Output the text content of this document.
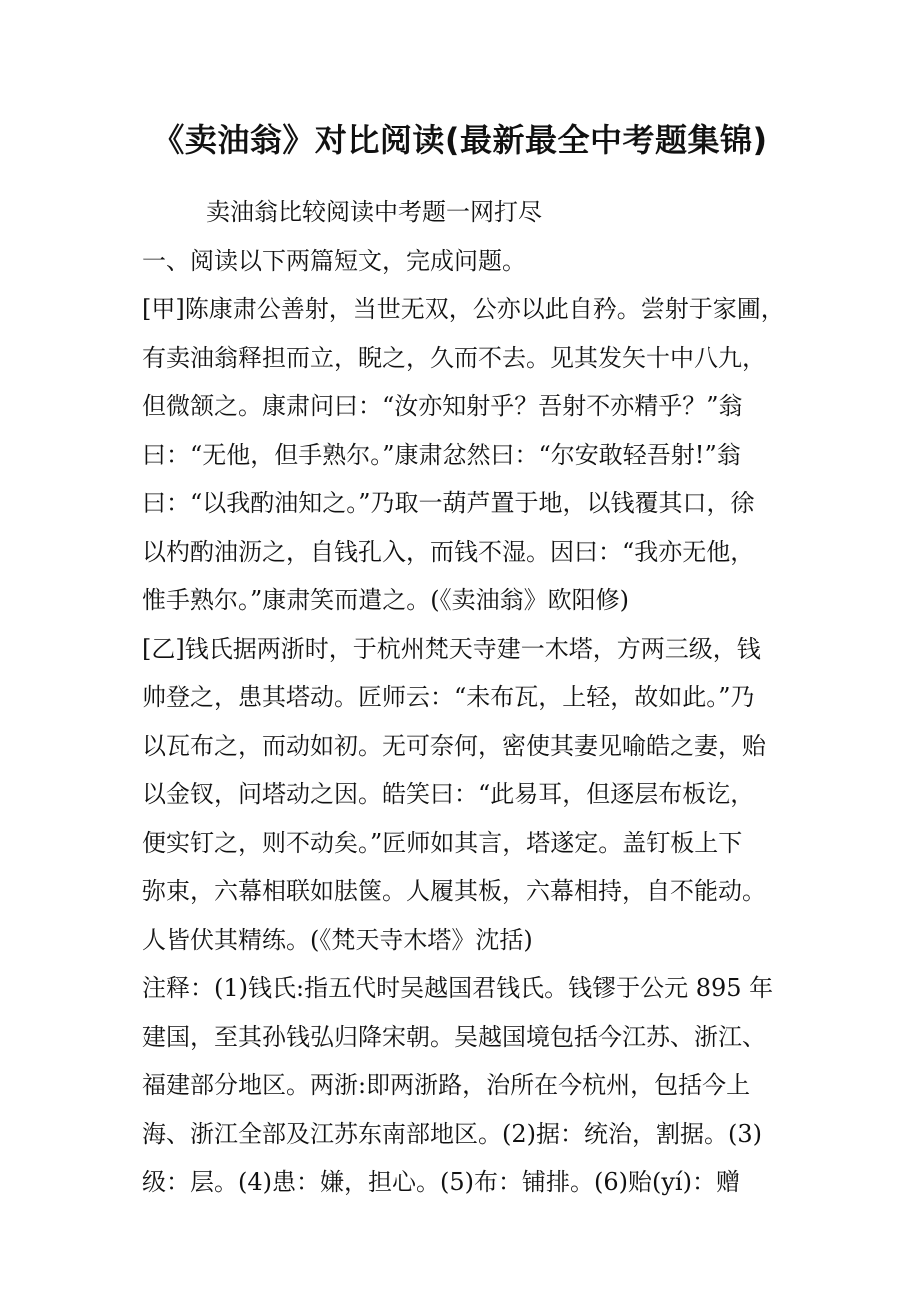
《卖油翁》对比阅读(最新最全中考题集锦)
卖油翁比较阅读中考题一网打尽
一、阅读以下两篇短文，完成问题。
[甲]陈康肃公善射，当世无双，公亦以此自矜。尝射于家圃，
有卖油翁释担而立，睨之，久而不去。见其发矢十中八九，
但微颔之。康肃问曰：“汝亦知射乎？吾射不亦精乎？”翁
曰：“无他，但手熟尔。”康肃忿然曰：“尔安敢轻吾射!”翁
曰：“以我酌油知之。”乃取一葫芦置于地，以钱覆其口，徐
以杓酌油沥之，自钱孔入，而钱不湿。因曰：“我亦无他，
惟手熟尔。”康肃笑而遣之。(《卖油翁》欧阳修)
[乙]钱氏据两浙时，于杭州梵天寺建一木塔，方两三级，钱
帅登之，患其塔动。匠师云：“未布瓦，上轻，故如此。”乃
以瓦布之，而动如初。无可奈何，密使其妻见喻皓之妻，贻
以金钗，问塔动之因。皓笑曰：“此易耳，但逐层布板讫，
便实钉之，则不动矣。”匠师如其言，塔遂定。盖钉板上下
弥束，六幕相联如胠箧。人履其板，六幕相持，自不能动。
人皆伏其精练。(《梵天寺木塔》沈括)
注释：(1)钱氏:指五代时吴越国君钱氏。钱镠于公元 895 年
建国，至其孙钱弘归降宋朝。吴越国境包括今江苏、浙江、
福建部分地区。两浙:即两浙路，治所在今杭州，包括今上
海、浙江全部及江苏东南部地区。(2)据：统治，割据。(3)
级：层。(4)患：嫌，担心。(5)布：铺排。(6)贻(yí)：赠
